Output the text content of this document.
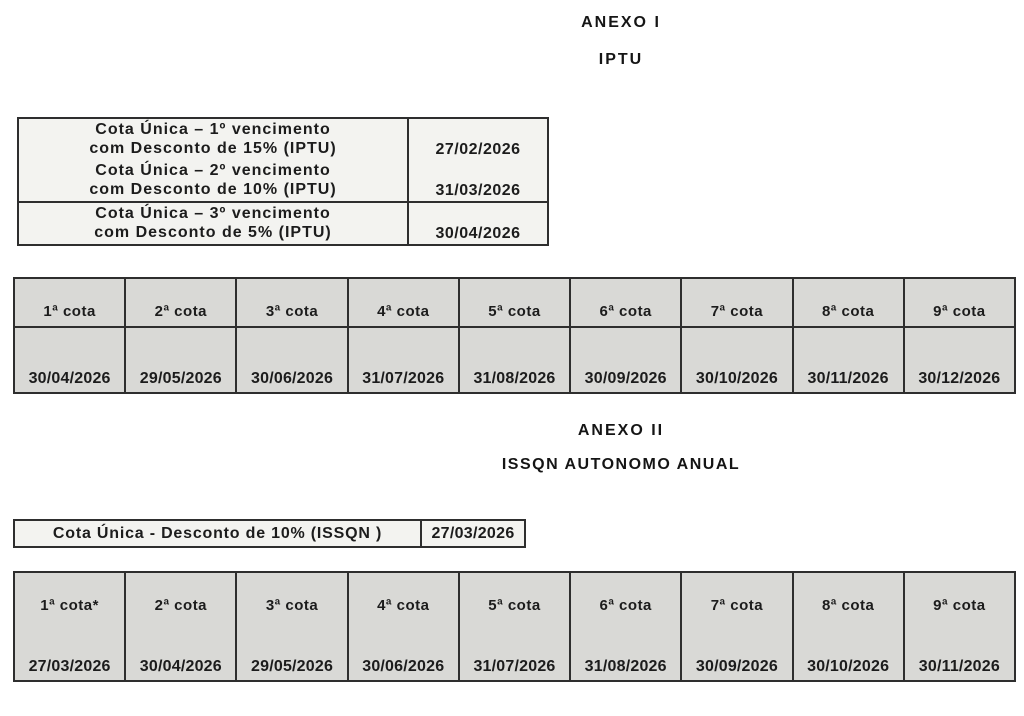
ANEXO I
IPTU
Cota Única – 1º vencimento
com Desconto de 15% (IPTU)	27/02/2026

Cota Única – 2º vencimento
com Desconto de 10% (IPTU)	31/03/2026

Cota Única – 3º vencimento
com Desconto de 5% (IPTU)	30/04/2026
1ª cota	2ª cota	3ª cota	4ª cota	5ª cota	6ª cota	7ª cota	8ª cota	9ª cota
30/04/2026	29/05/2026	30/06/2026	31/07/2026	31/08/2026	30/09/2026	30/10/2026	30/11/2026	30/12/2026
ANEXO II
ISSQN AUTONOMO ANUAL
Cota Única - Desconto de 10% (ISSQN )	27/03/2026
1ª cota*	2ª cota	3ª cota	4ª cota	5ª cota	6ª cota	7ª cota	8ª cota	9ª cota
27/03/2026	30/04/2026	29/05/2026	30/06/2026	31/07/2026	31/08/2026	30/09/2026	30/10/2026	30/11/2026
